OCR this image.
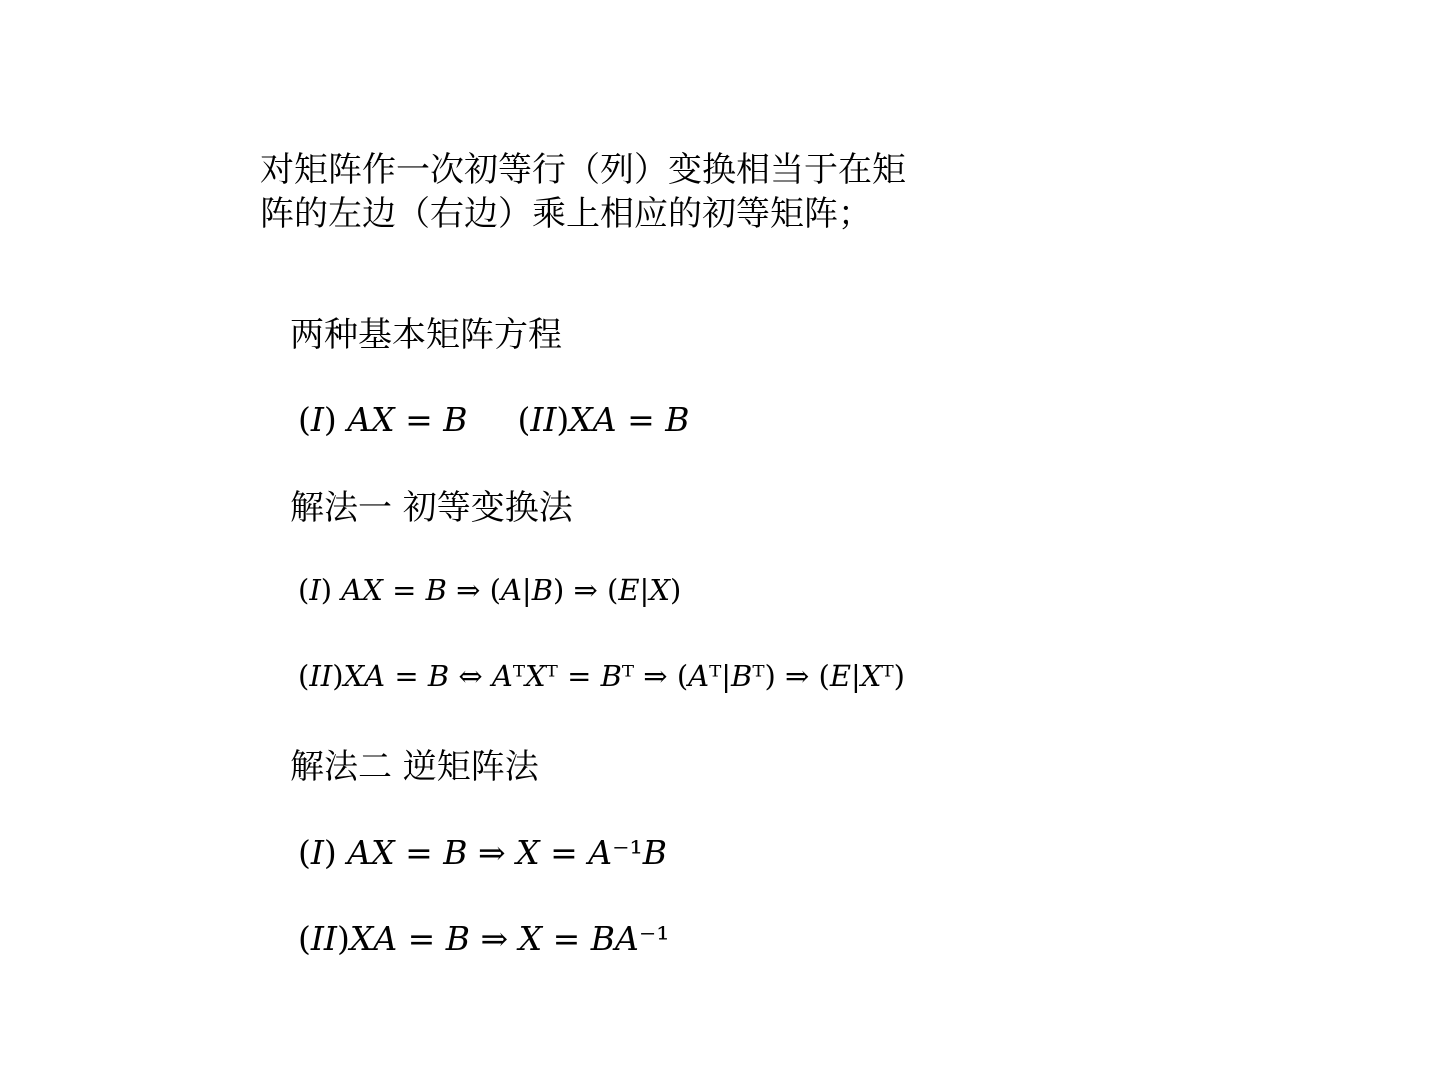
对矩阵作一次初等行（列）变换相当于在矩
阵的左边（右边）乘上相应的初等矩阵；
两种基本矩阵方程
(𝐼) 𝐴𝑋 = 𝐵 (𝐼𝐼)𝑋𝐴 = 𝐵
解法一 初等变换法
(𝐼) 𝐴𝑋 = 𝐵 ⇒ (𝐴|𝐵) ⇒ (𝐸|𝑋)
(𝐼𝐼)𝑋𝐴 = 𝐵 ⇔ 𝐴ᵀ𝑋ᵀ = 𝐵ᵀ ⇒ (𝐴ᵀ|𝐵ᵀ) ⇒ (𝐸|𝑋ᵀ)
解法二 逆矩阵法
(𝐼) 𝐴𝑋 = 𝐵 ⇒ 𝑋 = 𝐴⁻¹𝐵
(𝐼𝐼)𝑋𝐴 = 𝐵 ⇒ 𝑋 = 𝐵𝐴⁻¹
